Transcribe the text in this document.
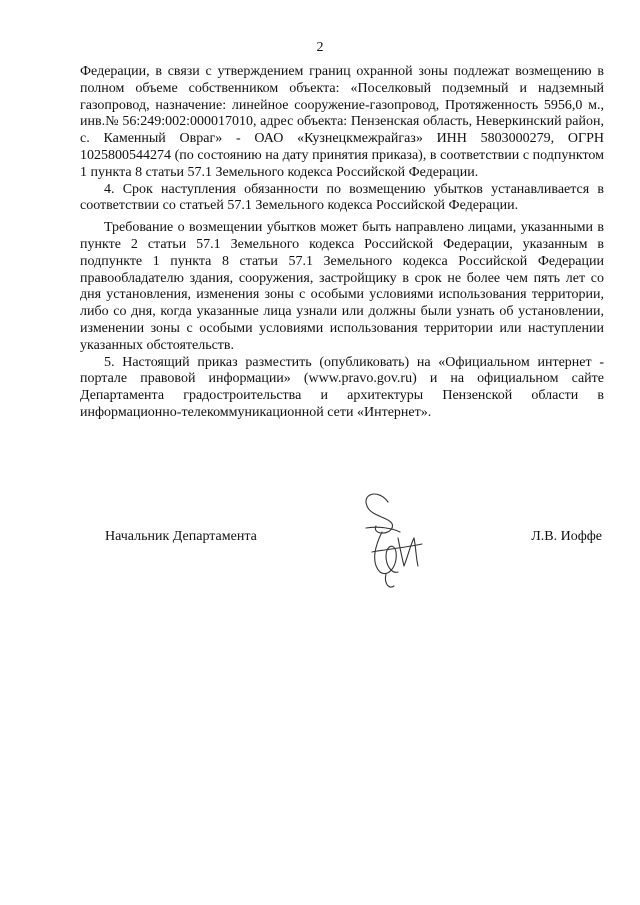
2

Федерации, в связи с утверждением границ охранной зоны подлежат возмещению в полном объеме собственником объекта: «Поселковый подземный и надземный газопровод, назначение: линейное сооружение-газопровод, Протяженность 5956,0 м., инв.№ 56:249:002:000017010, адрес объекта: Пензенская область, Неверкинский район, с. Каменный Овраг» - ОАО «Кузнецкмежрайгаз» ИНН 5803000279, ОГРН 1025800544274 (по состоянию на дату принятия приказа), в соответствии с подпунктом 1 пункта 8 статьи 57.1 Земельного кодекса Российской Федерации.

4. Срок наступления обязанности по возмещению убытков устанавливается в соответствии со статьей 57.1 Земельного кодекса Российской Федерации.

Требование о возмещении убытков может быть направлено лицами, указанными в пункте 2 статьи 57.1 Земельного кодекса Российской Федерации, указанным в подпункте 1 пункта 8 статьи 57.1 Земельного кодекса Российской Федерации правообладателю здания, сооружения, застройщику в срок не более чем пять лет со дня установления, изменения зоны с особыми условиями использования территории, либо со дня, когда указанные лица узнали или должны были узнать об установлении, изменении зоны с особыми условиями использования территории или наступлении указанных обстоятельств.

5. Настоящий приказ разместить (опубликовать) на «Официальном интернет - портале правовой информации» (www.pravo.gov.ru) и на официальном сайте Департамента градостроительства и архитектуры Пензенской области в информационно-телекоммуникационной сети «Интернет».

Начальник Департамента	Л.В. Иоффе
